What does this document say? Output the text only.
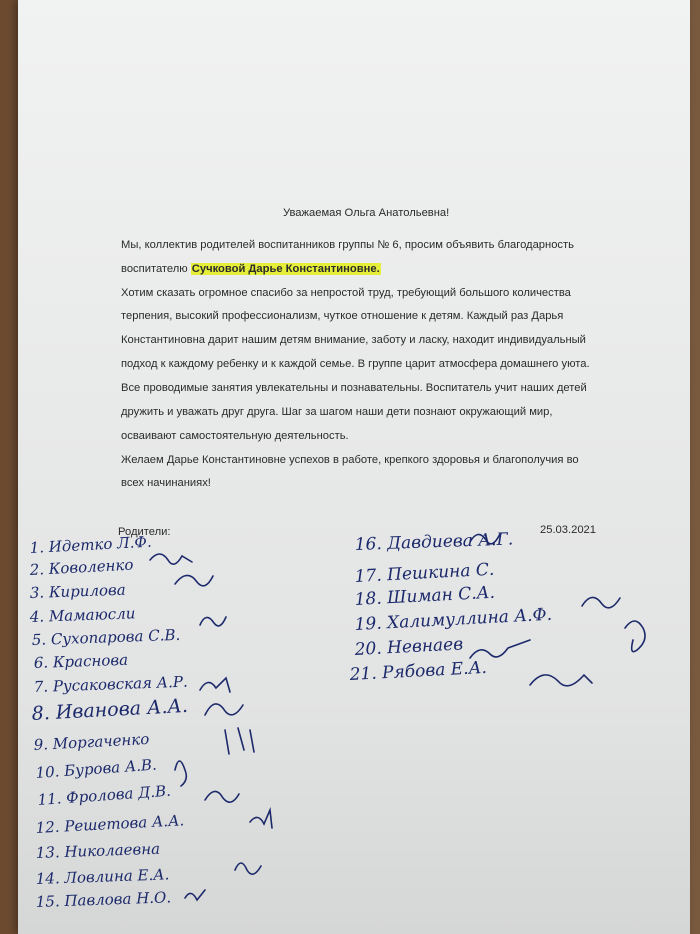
Уважаемая Ольга Анатольевна!
Мы, коллектив родителей воспитанников группы № 6, просим объявить благодарность
воспитателю Сучковой Дарье Константиновне.
Хотим сказать огромное спасибо за непростой труд, требующий большого количества
терпения, высокий профессионализм, чуткое отношение к детям. Каждый раз Дарья
Константиновна дарит нашим детям внимание, заботу и ласку, находит индивидуальный
подход к каждому ребенку и к каждой семье. В группе царит атмосфера домашнего уюта.
Все проводимые занятия увлекательны и познавательны. Воспитатель учит наших детей
дружить и уважать друг друга. Шаг за шагом наши дети познают окружающий мир,
осваивают самостоятельную деятельность.
Желаем Дарье Константиновне успехов в работе, крепкого здоровья и благополучия во
всех начинаниях!
Родители:	25.03.2021
1. Идетко Л.Ф.
2. Коволенко
3. Кирилова
4. Мамаюсли
5. Сухопарова С.В.
6. Краснова
7. Русаковская А.Р.
8. Иванова А.А.
9. Моргаченко
10. Бурова А.В.
11. Фролова Д.В.
12. Решетова А.А.
13. Николаевна
14. Ловлина Е.А.
15. Павлова Н.О.
16. Давдиева А.Г.
17. Пешкина С.
18. Шиман С.А.
19. Халимуллина А.Ф.
20. Невнаев
21. Рябова Е.А.
